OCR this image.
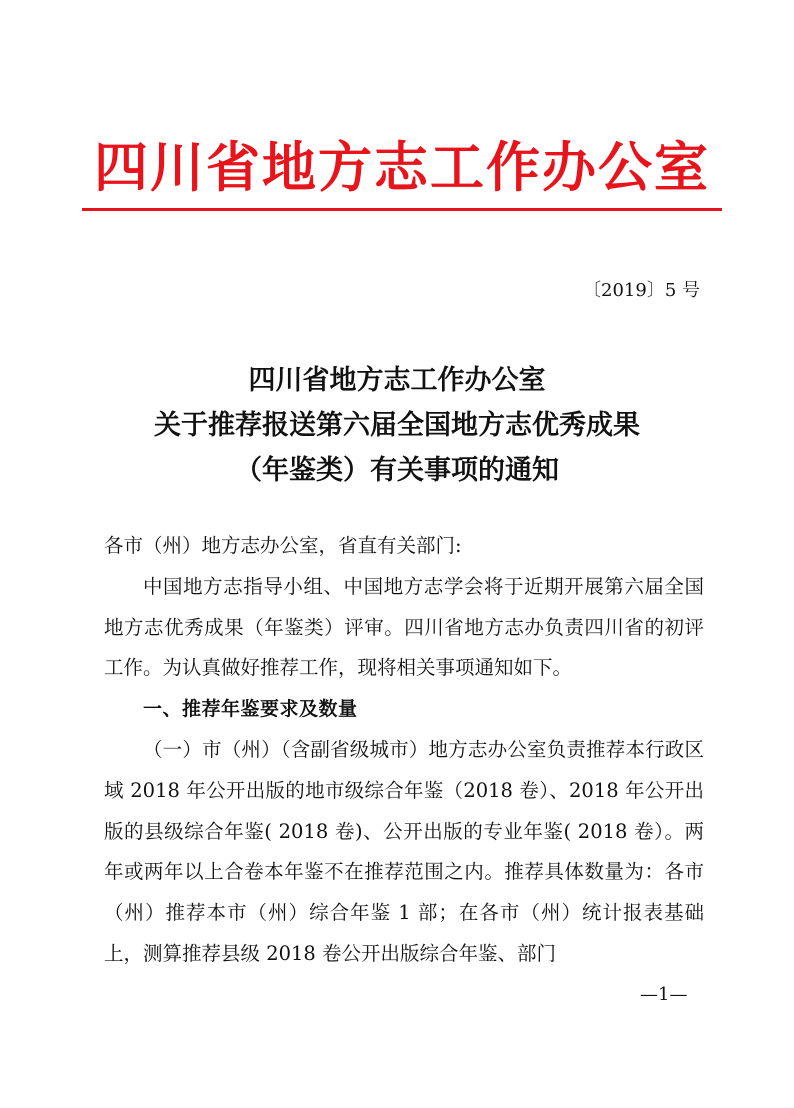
四川省地方志工作办公室
〔2019〕5 号
四川省地方志工作办公室
关于推荐报送第六届全国地方志优秀成果
（年鉴类）有关事项的通知

各市（州）地方志办公室，省直有关部门:

中国地方志指导小组、中国地方志学会将于近期开展第六届全国地方志优秀成果（年鉴类）评审。四川省地方志办负责四川省的初评工作。为认真做好推荐工作，现将相关事项通知如下。

一、推荐年鉴要求及数量

（一）市（州）（含副省级城市）地方志办公室负责推荐本行政区域 2018 年公开出版的地市级综合年鉴（2018 卷）、2018 年公开出版的县级综合年鉴( 2018 卷)、公开出版的专业年鉴( 2018 卷）。两年或两年以上合卷本年鉴不在推荐范围之内。推荐具体数量为：各市（州）推荐本市（州）综合年鉴 1 部；在各市（州）统计报表基础上，测算推荐县级 2018 卷公开出版综合年鉴、部门

—1—
